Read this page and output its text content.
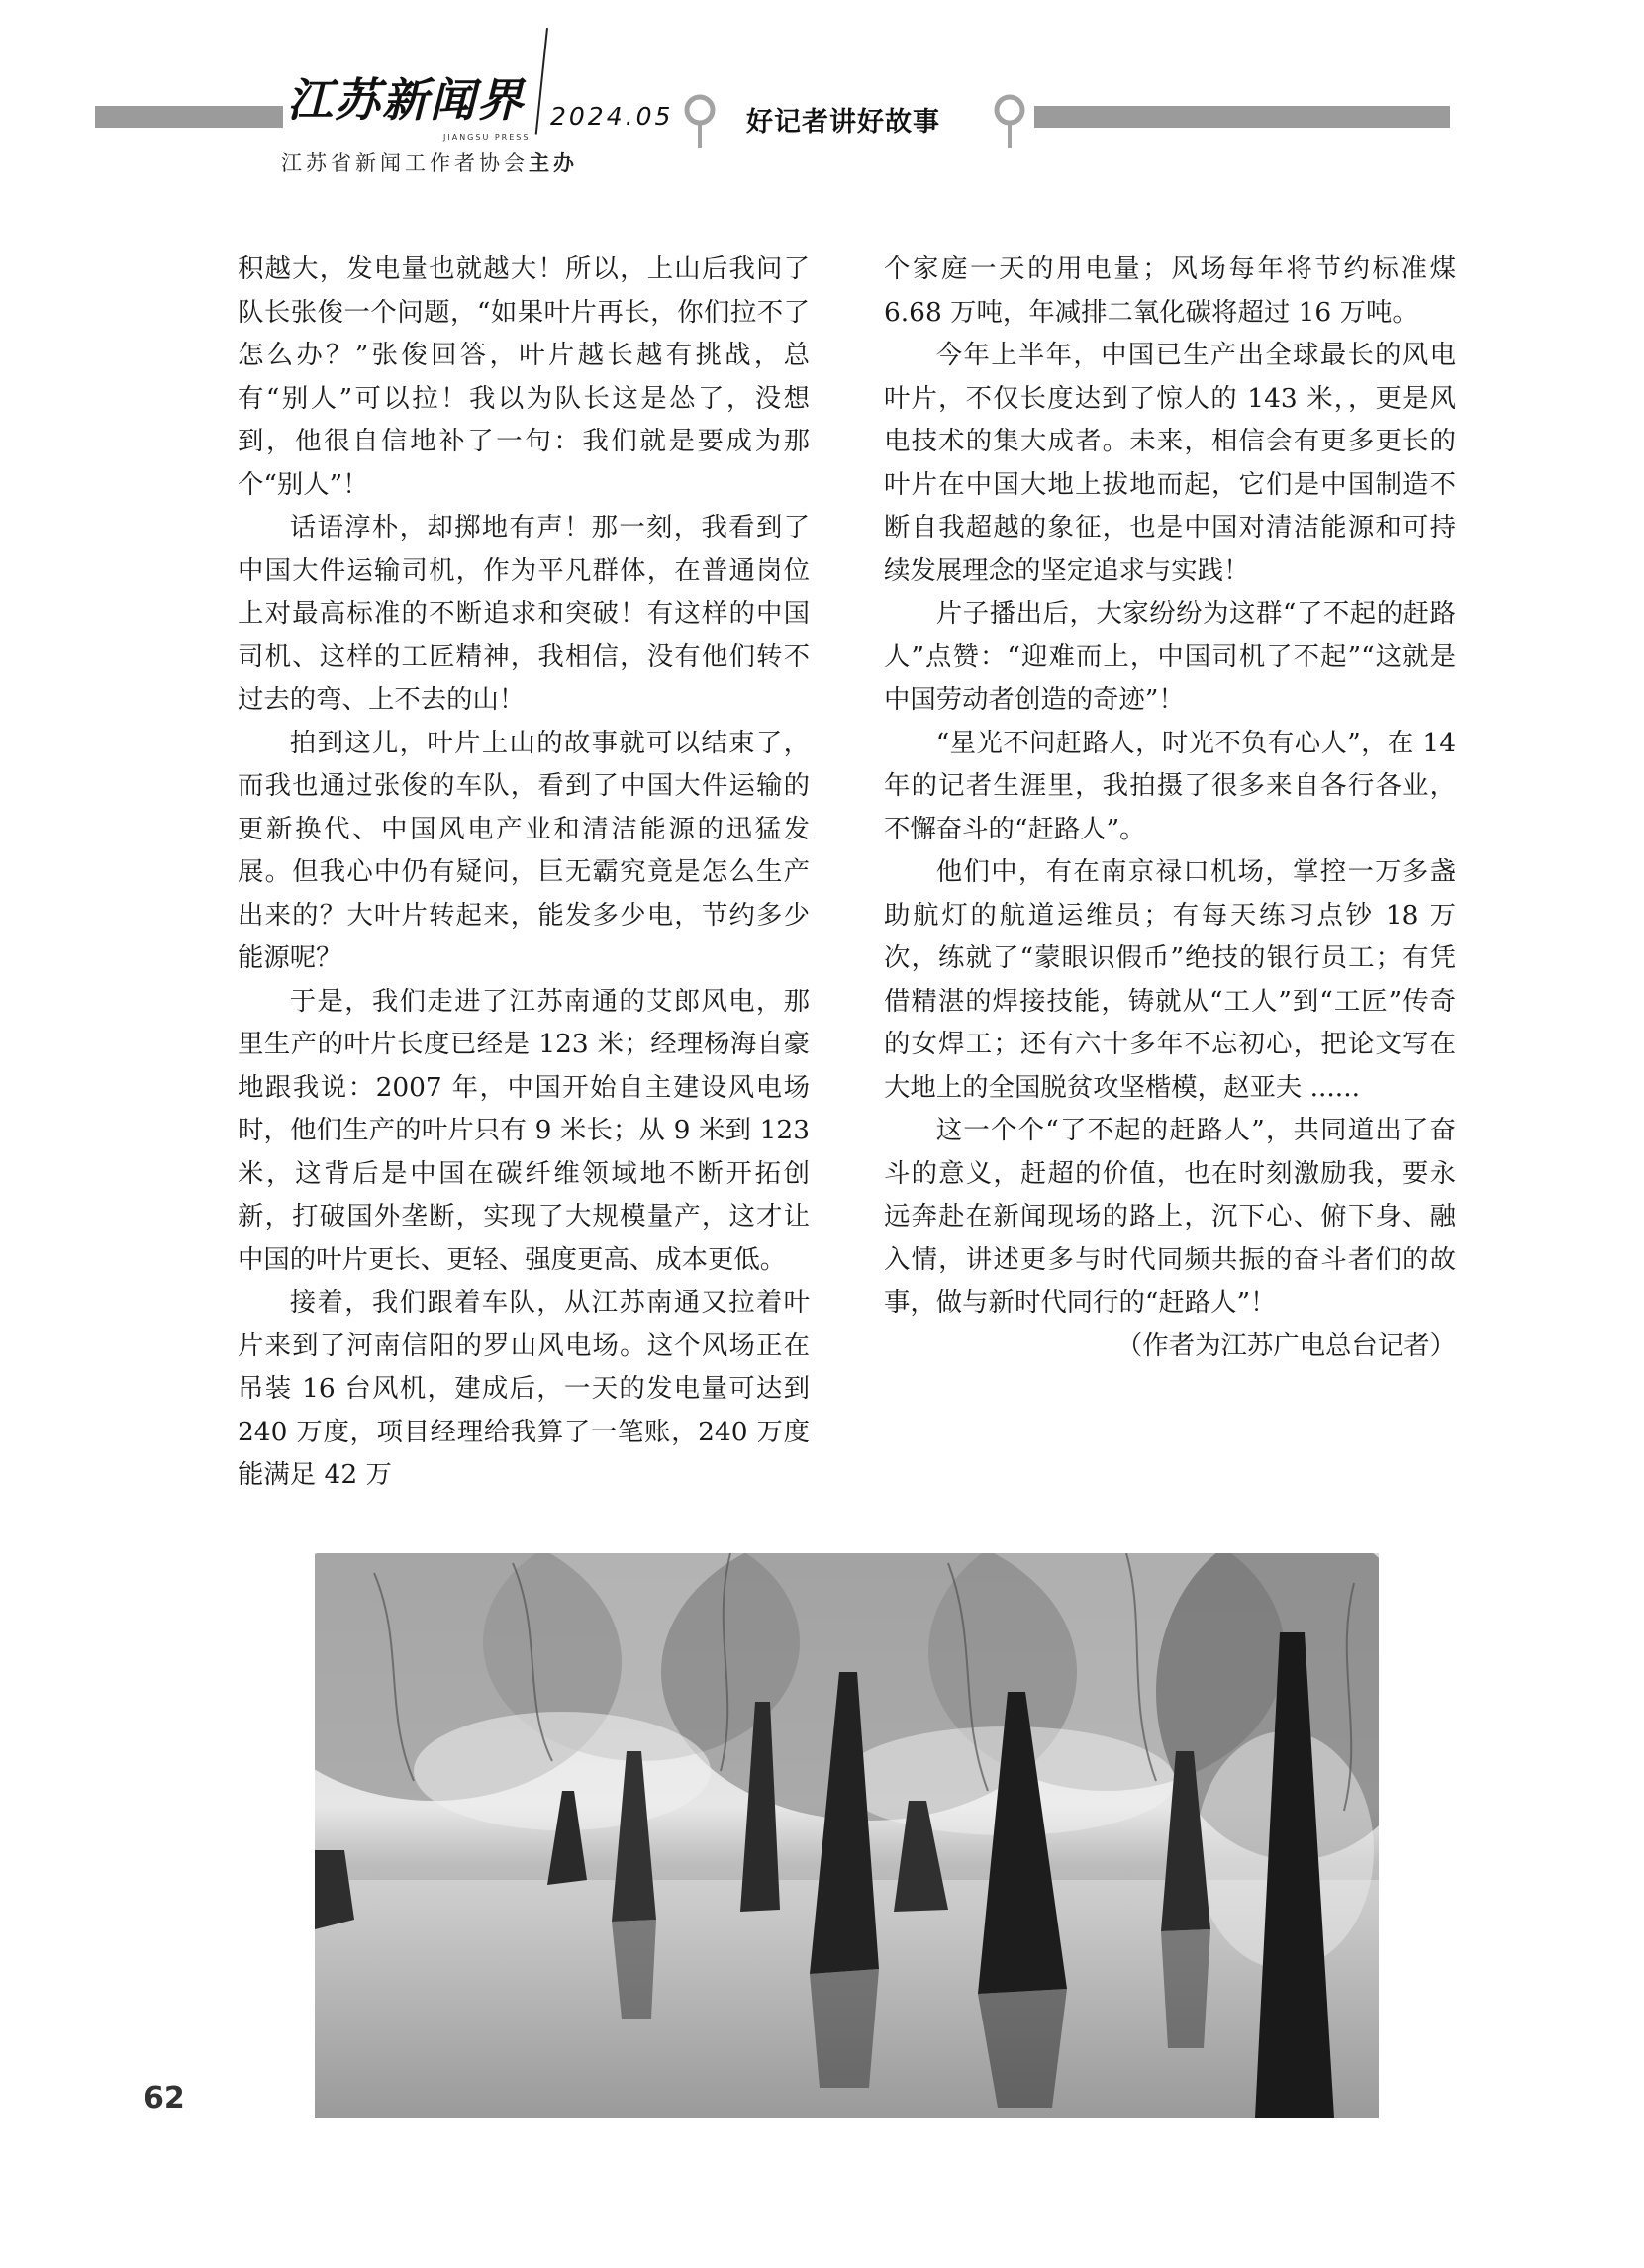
江苏新闻界
JIANGSU PRESS
2024.05
江苏省新闻工作者协会主办
好记者讲好故事

积越大，发电量也就越大！所以，上山后我问了队长张俊一个问题，“如果叶片再长，你们拉不了怎么办？”张俊回答，叶片越长越有挑战，总有“别人”可以拉！我以为队长这是怂了，没想到，他很自信地补了一句：我们就是要成为那个“别人”！

话语淳朴，却掷地有声！那一刻，我看到了中国大件运输司机，作为平凡群体，在普通岗位上对最高标准的不断追求和突破！有这样的中国司机、这样的工匠精神，我相信，没有他们转不过去的弯、上不去的山！

拍到这儿，叶片上山的故事就可以结束了，而我也通过张俊的车队，看到了中国大件运输的更新换代、中国风电产业和清洁能源的迅猛发展。但我心中仍有疑问，巨无霸究竟是怎么生产出来的？大叶片转起来，能发多少电，节约多少能源呢？

于是，我们走进了江苏南通的艾郎风电，那里生产的叶片长度已经是 123 米；经理杨海自豪地跟我说：2007 年，中国开始自主建设风电场时，他们生产的叶片只有 9 米长；从 9 米到 123 米，这背后是中国在碳纤维领域地不断开拓创新，打破国外垄断，实现了大规模量产，这才让中国的叶片更长、更轻、强度更高、成本更低。

接着，我们跟着车队，从江苏南通又拉着叶片来到了河南信阳的罗山风电场。这个风场正在吊装 16 台风机，建成后，一天的发电量可达到 240 万度，项目经理给我算了一笔账，240 万度能满足 42 万

个家庭一天的用电量；风场每年将节约标准煤 6.68 万吨，年减排二氧化碳将超过 16 万吨。

今年上半年，中国已生产出全球最长的风电叶片，不仅长度达到了惊人的 143 米，，更是风电技术的集大成者。未来，相信会有更多更长的叶片在中国大地上拔地而起，它们是中国制造不断自我超越的象征，也是中国对清洁能源和可持续发展理念的坚定追求与实践！

片子播出后，大家纷纷为这群“了不起的赶路人”点赞：“迎难而上，中国司机了不起”“这就是中国劳动者创造的奇迹”！

“星光不问赶路人，时光不负有心人”，在 14 年的记者生涯里，我拍摄了很多来自各行各业，不懈奋斗的“赶路人”。

他们中，有在南京禄口机场，掌控一万多盏助航灯的航道运维员；有每天练习点钞 18 万次，练就了“蒙眼识假币”绝技的银行员工；有凭借精湛的焊接技能，铸就从“工人”到“工匠”传奇的女焊工；还有六十多年不忘初心，把论文写在大地上的全国脱贫攻坚楷模，赵亚夫 ......

这一个个“了不起的赶路人”，共同道出了奋斗的意义，赶超的价值，也在时刻激励我，要永远奔赴在新闻现场的路上，沉下心、俯下身、融入情，讲述更多与时代同频共振的奋斗者们的故事，做与新时代同行的“赶路人”！

（作者为江苏广电总台记者）

62
